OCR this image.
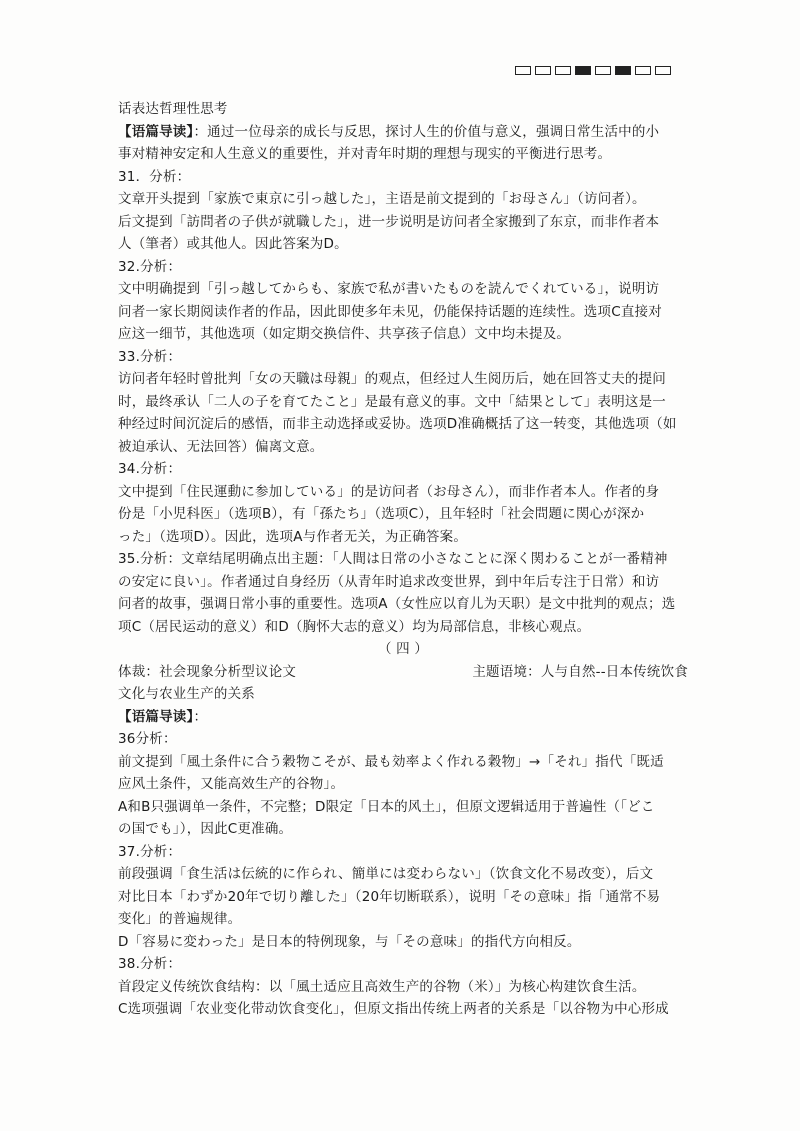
话表达哲理性思考
【语篇导读】：通过一位母亲的成长与反思，探讨人生的价值与意义，强调日常生活中的小
事对精神安定和人生意义的重要性，并对青年时期的理想与现实的平衡进行思考。
31．分析：
文章开头提到「家族で東京に引っ越した」，主语是前文提到的「お母さん」（访问者）。
后文提到「訪問者の子供が就職した」，进一步说明是访问者全家搬到了东京，而非作者本
人（筆者）或其他人。因此答案为D。
32.分析：
文中明确提到「引っ越してからも、家族で私が書いたものを読んでくれている」，说明访
问者一家长期阅读作者的作品，因此即使多年未见，仍能保持话题的连续性。选项C直接对
应这一细节，其他选项（如定期交换信件、共享孩子信息）文中均未提及。
33.分析：
访问者年轻时曾批判「女の天職は母親」的观点，但经过人生阅历后，她在回答丈夫的提问
时，最终承认「二人の子を育てたこと」是最有意义的事。文中「結果として」表明这是一
种经过时间沉淀后的感悟，而非主动选择或妥协。选项D准确概括了这一转变，其他选项（如
被迫承认、无法回答）偏离文意。
34.分析：
文中提到「住民運動に参加している」的是访问者（お母さん），而非作者本人。作者的身
份是「小児科医」（选项B），有「孫たち」（选项C），且年轻时「社会問題に関心が深か
った」（选项D）。因此，选项A与作者无关，为正确答案。
35.分析：文章结尾明确点出主题：「人間は日常の小さなことに深く関わることが一番精神
の安定に良い」。作者通过自身经历（从青年时追求改变世界，到中年后专注于日常）和访
问者的故事，强调日常小事的重要性。选项A（女性应以育儿为天职）是文中批判的观点；选
项C（居民运动的意义）和D（胸怀大志的意义）均为局部信息，非核心观点。
（ 四 ）
体裁：社会现象分析型议论文	主题语境：人与自然--日本传统饮食
文化与农业生产的关系
【语篇导读】：
36分析：
前文提到「風土条件に合う穀物こそが、最も効率よく作れる穀物」→「それ」指代「既适
应风土条件，又能高效生产的谷物」。
A和B只强调单一条件，不完整；D限定「日本的风土」，但原文逻辑适用于普遍性（「どこ
の国でも」），因此C更准确。
37.分析：
前段强调「食生活は伝統的に作られ、簡単には変わらない」（饮食文化不易改变），后文
对比日本「わずか20年で切り離した」（20年切断联系），说明「その意味」指「通常不易
变化」的普遍规律。
D「容易に変わった」是日本的特例现象，与「その意味」的指代方向相反。
38.分析：
首段定义传统饮食结构：以「風土适应且高效生产的谷物（米）」为核心构建饮食生活。
C选项强调「农业变化带动饮食变化」，但原文指出传统上两者的关系是「以谷物为中心形成
